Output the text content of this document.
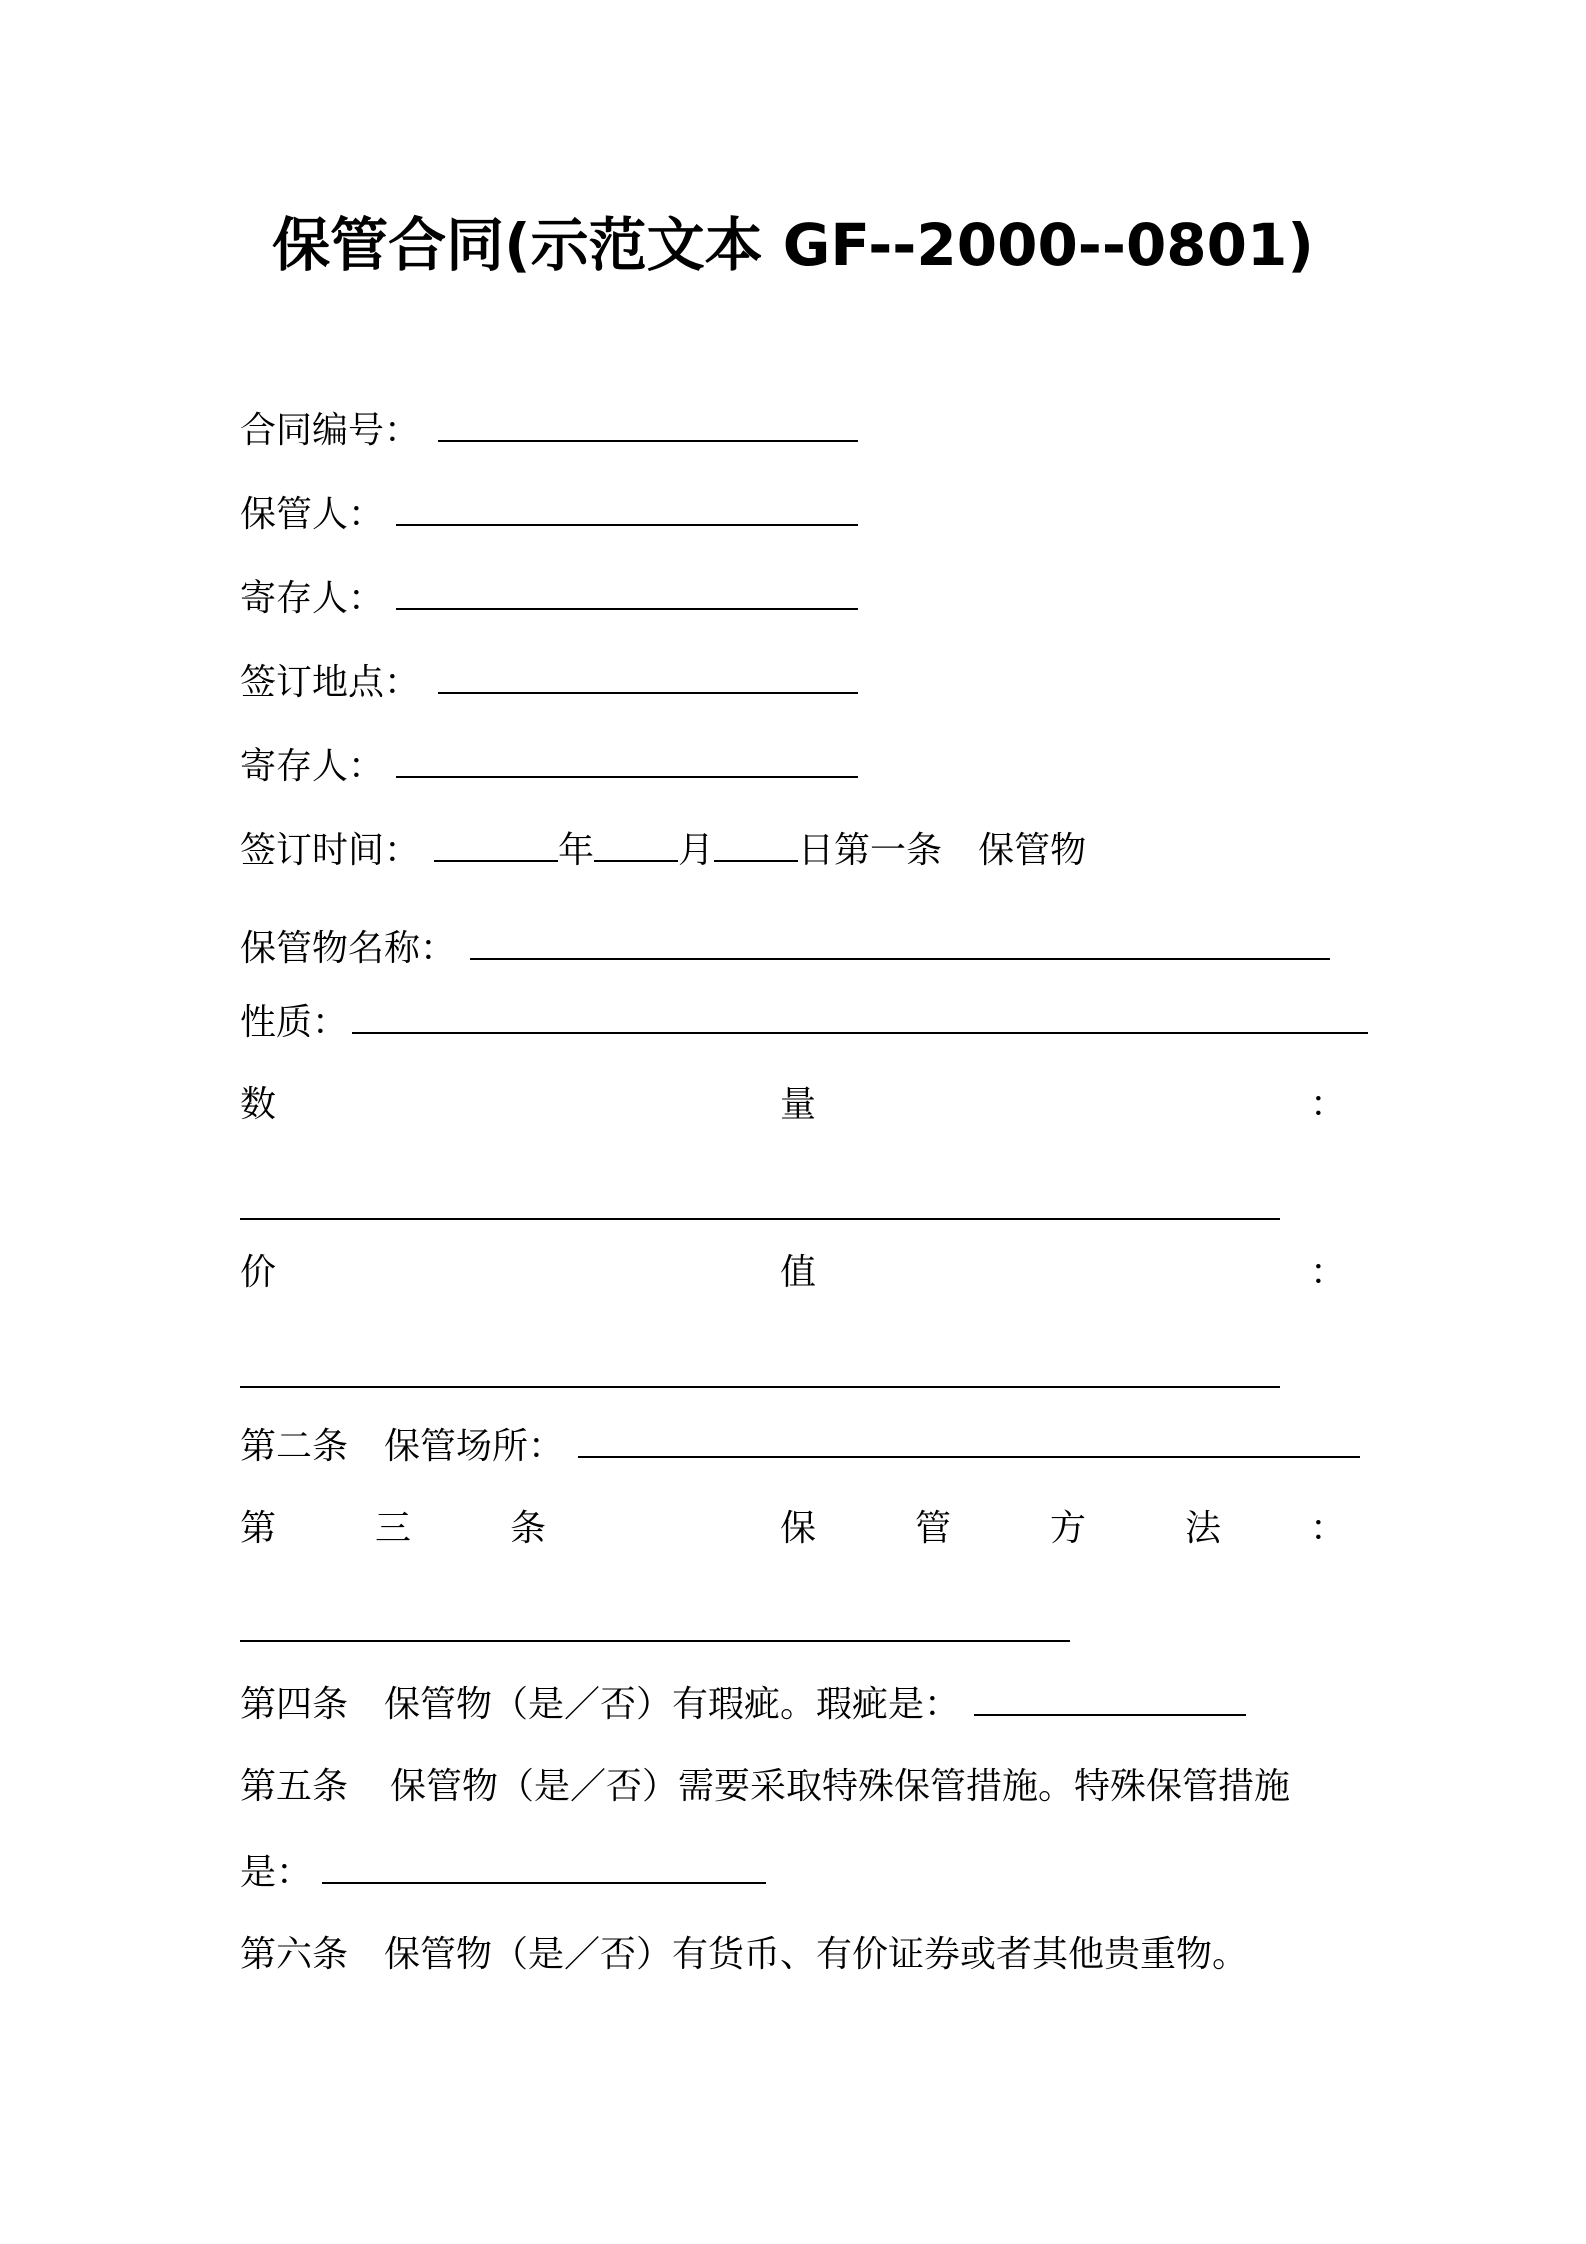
保管合同(示范文本 GF--2000--0801)
合同编号：
保管人：
寄存人：
签订地点：
寄存人：
签订时间：	年 月 日第一条 保管物
保管物名称：
性质：
数	量	：
价	值	：
第二条 保管场所：
第	三	条	保	管	方	法 ：
第四条 保管物（是／否）有瑕疵。瑕疵是：
第五条 保管物（是／否）需要采取特殊保管措施。特殊保管措施
是：
第六条 保管物（是／否）有货币、有价证券或者其他贵重物。
